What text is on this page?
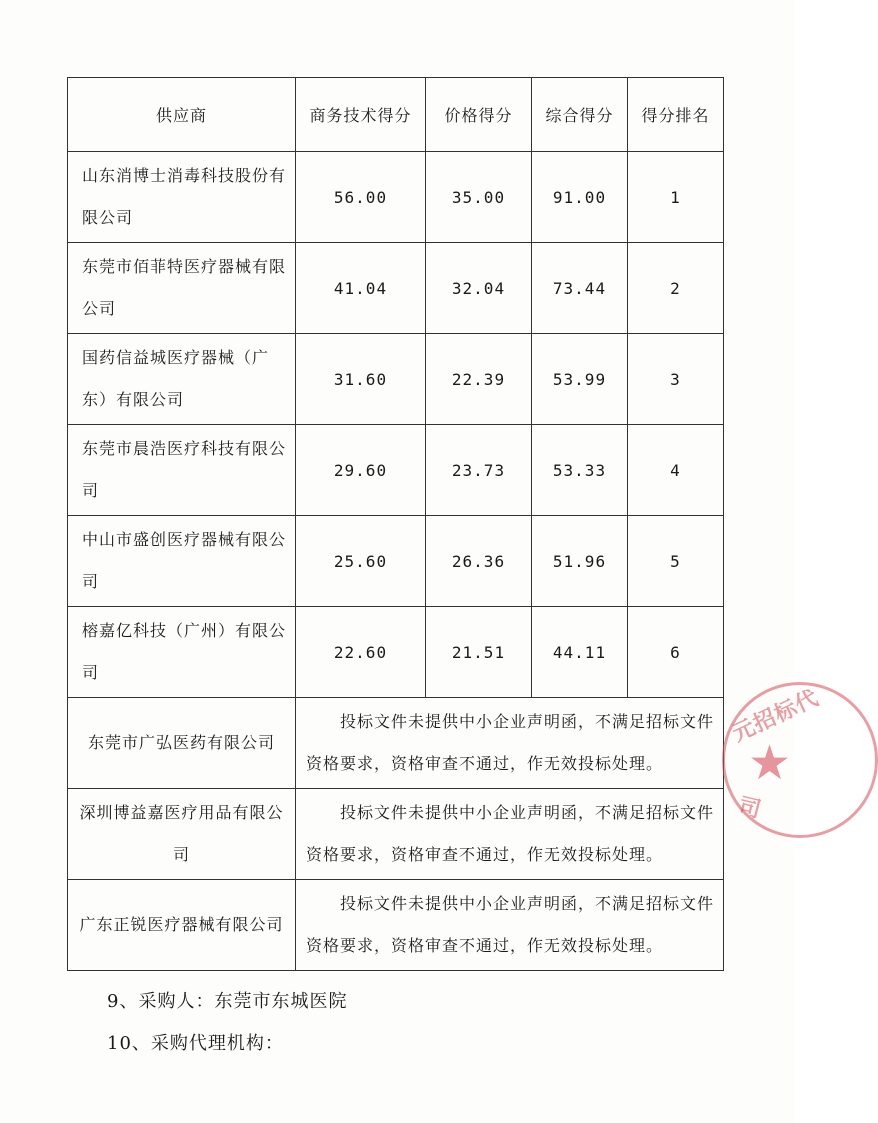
供应商	商务技术得分	价格得分	综合得分	得分排名
山东消博士消毒科技股份有限公司	56.00	35.00	91.00	1
东莞市佰菲特医疗器械有限公司	41.04	32.04	73.44	2
国药信益城医疗器械（广东）有限公司	31.60	22.39	53.99	3
东莞市晨浩医疗科技有限公司	29.60	23.73	53.33	4
中山市盛创医疗器械有限公司	25.60	26.36	51.96	5
榕嘉亿科技（广州）有限公司	22.60	21.51	44.11	6
东莞市广弘医药有限公司	投标文件未提供中小企业声明函，不满足招标文件资格要求，资格审查不通过，作无效投标处理。			
深圳博益嘉医疗用品有限公司	投标文件未提供中小企业声明函，不满足招标文件资格要求，资格审查不通过，作无效投标处理。			
广东正锐医疗器械有限公司	投标文件未提供中小企业声明函，不满足招标文件资格要求，资格审查不通过，作无效投标处理。			
9、采购人：东莞市东城医院
10、采购代理机构：
元招标代
★
司
